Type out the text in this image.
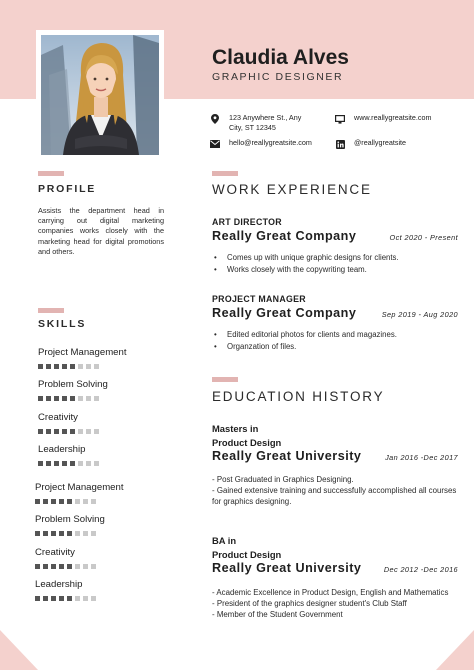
Claudia Alves
GRAPHIC DESIGNER
123 Anywhere St., Any
City, ST 12345
www.reallygreatsite.com
hello@reallygreatsite.com	@reallygreatsite
PROFILE
Assists the department head in carrying out digital marketing companies works closely with the marketing head for digital promotions and others.
SKILLS
Project Management
Problem Solving
Creativity
Leadership
Project Management
Problem Solving
Creativity
Leadership
WORK EXPERIENCE
ART DIRECTOR
Really Great Company	Oct 2020 - Present
• Comes up with unique graphic designs for clients.
• Works closely with the copywriting team.
PROJECT MANAGER
Really Great Company	Sep 2019 - Aug 2020
• Edited editorial photos for clients and magazines.
• Organzation of files.
EDUCATION HISTORY
Masters in
Product Design
Really Great University	Jan 2016 -Dec 2017
- Post Graduated in Graphics Designing.
- Gained extensive training and successfully accomplished all courses for graphics designing.
BA in
Product Design
Really Great University	Dec 2012 -Dec 2016
- Academic Excellence in Product Design, English and Mathematics
- President of the graphics designer student's Club Staff
- Member of the Student Government
